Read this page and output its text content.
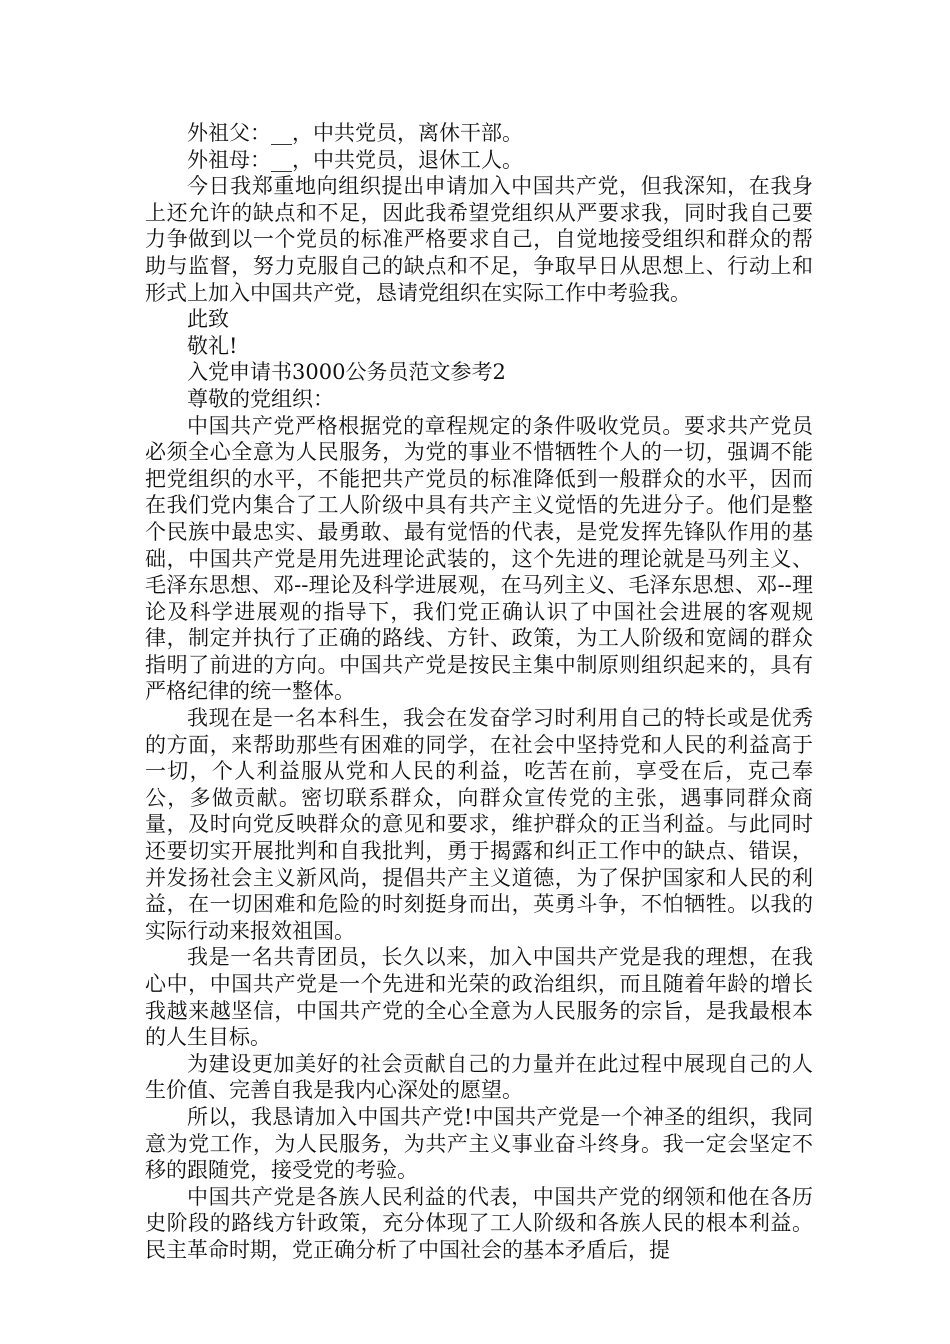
外祖父：__，中共党员，离休干部。

外祖母：__，中共党员，退休工人。

今日我郑重地向组织提出申请加入中国共产党，但我深知，在我身上还允许的缺点和不足，因此我希望党组织从严要求我，同时我自己要力争做到以一个党员的标准严格要求自己，自觉地接受组织和群众的帮助与监督，努力克服自己的缺点和不足，争取早日从思想上、行动上和形式上加入中国共产党，恳请党组织在实际工作中考验我。

此致

敬礼!

入党申请书3000公务员范文参考2

尊敬的党组织：

中国共产党严格根据党的章程规定的条件吸收党员。要求共产党员必须全心全意为人民服务，为党的事业不惜牺牲个人的一切，强调不能把党组织的水平，不能把共产党员的标准降低到一般群众的水平，因而在我们党内集合了工人阶级中具有共产主义觉悟的先进分子。他们是整个民族中最忠实、最勇敢、最有觉悟的代表，是党发挥先锋队作用的基础，中国共产党是用先进理论武装的，这个先进的理论就是马列主义、毛泽东思想、邓--理论及科学进展观，在马列主义、毛泽东思想、邓--理论及科学进展观的指导下，我们党正确认识了中国社会进展的客观规律，制定并执行了正确的路线、方针、政策，为工人阶级和宽阔的群众指明了前进的方向。中国共产党是按民主集中制原则组织起来的，具有严格纪律的统一整体。

我现在是一名本科生，我会在发奋学习时利用自己的特长或是优秀的方面，来帮助那些有困难的同学，在社会中坚持党和人民的利益高于一切，个人利益服从党和人民的利益，吃苦在前，享受在后，克己奉公，多做贡献。密切联系群众，向群众宣传党的主张，遇事同群众商量，及时向党反映群众的意见和要求，维护群众的正当利益。与此同时还要切实开展批判和自我批判，勇于揭露和纠正工作中的缺点、错误，并发扬社会主义新风尚，提倡共产主义道德，为了保护国家和人民的利益，在一切困难和危险的时刻挺身而出，英勇斗争，不怕牺牲。以我的实际行动来报效祖国。

我是一名共青团员，长久以来，加入中国共产党是我的理想，在我心中，中国共产党是一个先进和光荣的政治组织，而且随着年龄的增长我越来越坚信，中国共产党的全心全意为人民服务的宗旨，是我最根本的人生目标。

为建设更加美好的社会贡献自己的力量并在此过程中展现自己的人生价值、完善自我是我内心深处的愿望。

所以，我恳请加入中国共产党!中国共产党是一个神圣的组织，我同意为党工作，为人民服务，为共产主义事业奋斗终身。我一定会坚定不移的跟随党，接受党的考验。

中国共产党是各族人民利益的代表，中国共产党的纲领和他在各历史阶段的路线方针政策，充分体现了工人阶级和各族人民的根本利益。民主革命时期，党正确分析了中国社会的基本矛盾后，提
